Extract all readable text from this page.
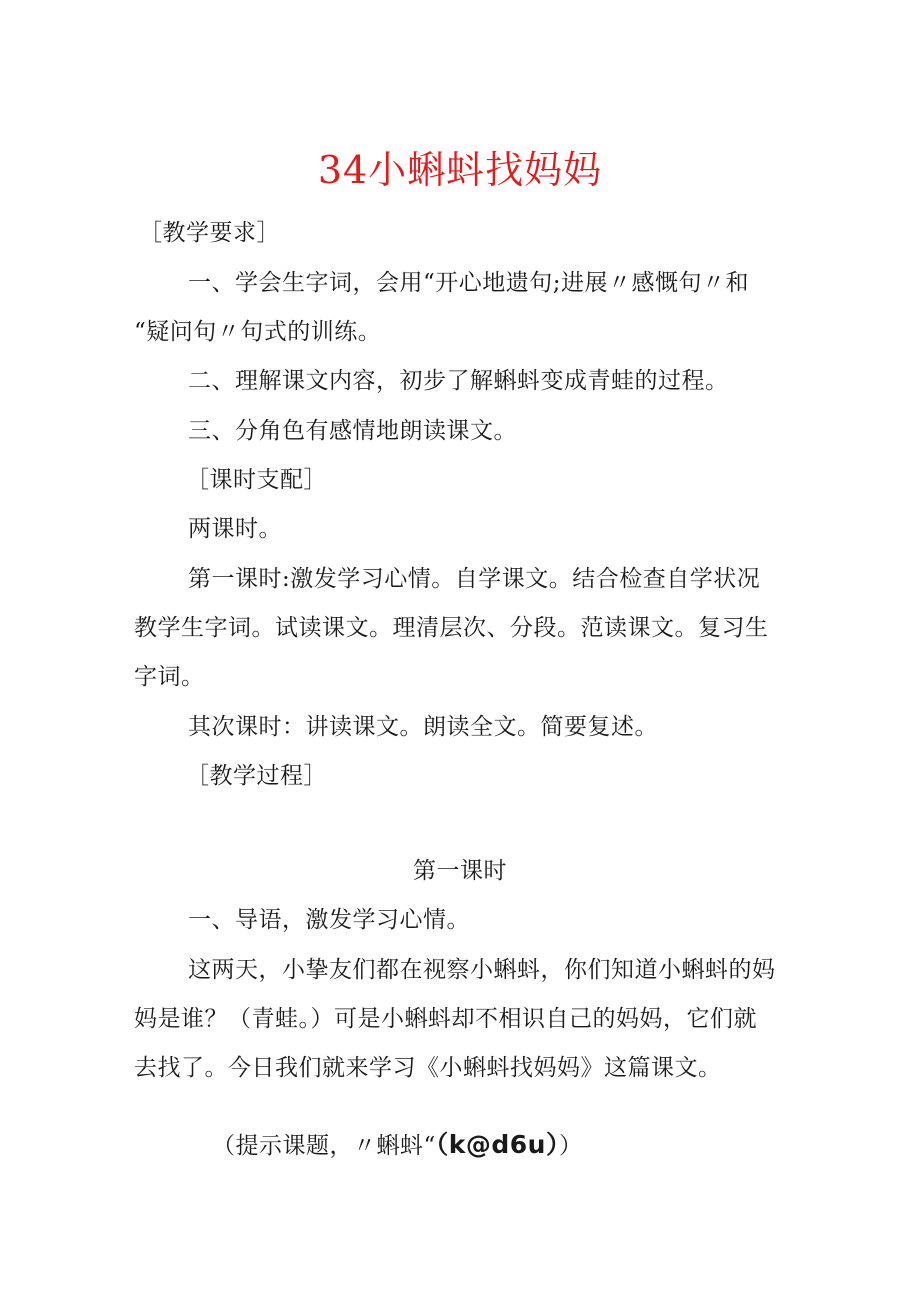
34小蝌蚪找妈妈
［教学要求］
一、学会生字词，会用“开心地遗句;进展〃感慨句〃和
“疑问句〃句式的训练。
二、理解课文内容，初步了解蝌蚪变成青蛙的过程。
三、分角色有感情地朗读课文。
［课时支配］
两课时。
第一课时:激发学习心情。自学课文。结合检查自学状况
教学生字词。试读课文。理清层次、分段。范读课文。复习生
字词。
其次课时：讲读课文。朗读全文。简要复述。
［教学过程］
第一课时
一、导语，激发学习心情。
这两天，小挚友们都在视察小蝌蚪，你们知道小蝌蚪的妈
妈是谁？（青蛙。）可是小蝌蚪却不相识自己的妈妈，它们就
去找了。今日我们就来学习《小蝌蚪找妈妈》这篇课文。
（提示课题，〃蝌蚪“（k@d6u））
